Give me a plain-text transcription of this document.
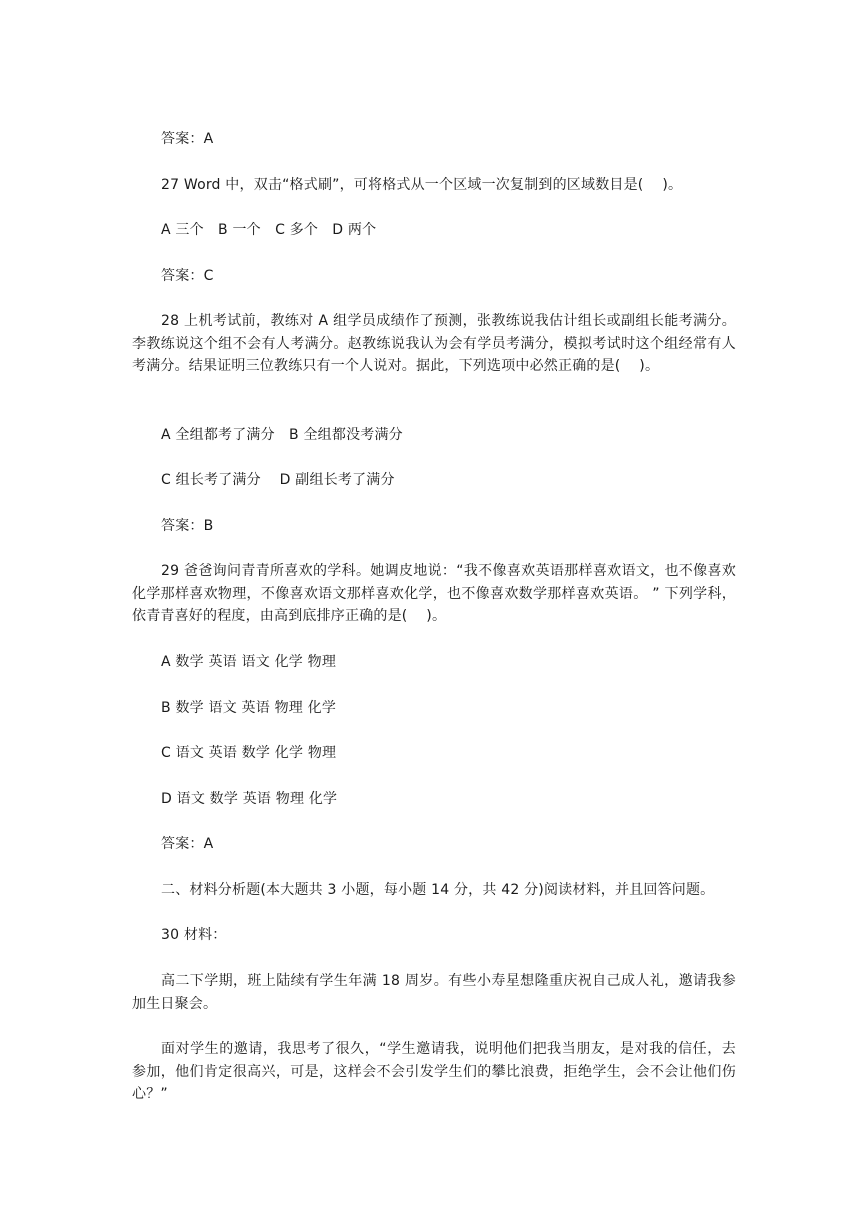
答案：A

27 Word 中，双击“格式刷”，可将格式从一个区域一次复制到的区域数目是(　 )。

A 三个　B 一个　C 多个　D 两个

答案：C

28 上机考试前，教练对 A 组学员成绩作了预测，张教练说我估计组长或副组长能考满分。李教练说这个组不会有人考满分。赵教练说我认为会有学员考满分，模拟考试时这个组经常有人考满分。结果证明三位教练只有一个人说对。据此，下列选项中必然正确的是(　 )。

A 全组都考了满分　B 全组都没考满分

C 组长考了满分　 D 副组长考了满分

答案：B

29 爸爸询问青青所喜欢的学科。她调皮地说：“我不像喜欢英语那样喜欢语文，也不像喜欢化学那样喜欢物理，不像喜欢语文那样喜欢化学，也不像喜欢数学那样喜欢英语。 ” 下列学科，依青青喜好的程度，由高到底排序正确的是(　 )。

A 数学 英语 语文 化学 物理

B 数学 语文 英语 物理 化学

C 语文 英语 数学 化学 物理

D 语文 数学 英语 物理 化学

答案：A

二、材料分析题(本大题共 3 小题，每小题 14 分，共 42 分)阅读材料，并且回答问题。

30 材料：

高二下学期，班上陆续有学生年满 18 周岁。有些小寿星想隆重庆祝自己成人礼，邀请我参加生日聚会。

面对学生的邀请，我思考了很久，“学生邀请我，说明他们把我当朋友，是对我的信任，去参加，他们肯定很高兴，可是，这样会不会引发学生们的攀比浪费，拒绝学生，会不会让他们伤心？”
